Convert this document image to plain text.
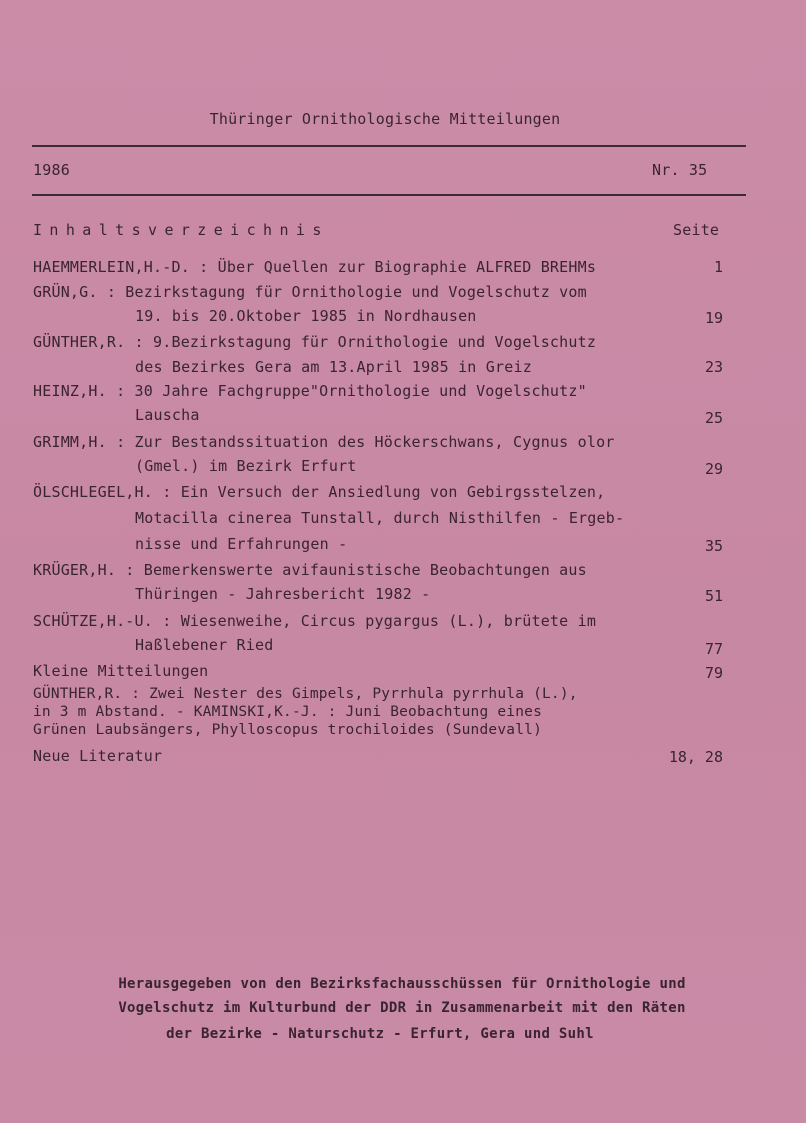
Thüringer Ornithologische Mitteilungen
1986	Nr. 35
Inhaltsverzeichnis	Seite
HAEMMERLEIN,H.-D. : Über Quellen zur Biographie ALFRED BREHMs	1
GRÜN,G. : Bezirkstagung für Ornithologie und Vogelschutz vom
19. bis 20.Oktober 1985 in Nordhausen	19
GÜNTHER,R. : 9.Bezirkstagung für Ornithologie und Vogelschutz
des Bezirkes Gera am 13.April 1985 in Greiz	23
HEINZ,H. : 30 Jahre Fachgruppe"Ornithologie und Vogelschutz"
Lauscha	25
GRIMM,H. : Zur Bestandssituation des Höckerschwans, Cygnus olor
(Gmel.) im Bezirk Erfurt	29
ÖLSCHLEGEL,H. : Ein Versuch der Ansiedlung von Gebirgsstelzen,
Motacilla cinerea Tunstall, durch Nisthilfen - Ergeb-
nisse und Erfahrungen -	35
KRÜGER,H. : Bemerkenswerte avifaunistische Beobachtungen aus
Thüringen - Jahresbericht 1982 -	51
SCHÜTZE,H.-U. : Wiesenweihe, Circus pygargus (L.), brütete im
Haßlebener Ried	77
Kleine Mitteilungen	79
GÜNTHER,R. : Zwei Nester des Gimpels, Pyrrhula pyrrhula (L.),
in 3 m Abstand. - KAMINSKI,K.-J. : Juni Beobachtung eines
Grünen Laubsängers, Phylloscopus trochiloides (Sundevall)
Neue Literatur	18, 28
Herausgegeben von den Bezirksfachausschüssen für Ornithologie und
Vogelschutz im Kulturbund der DDR in Zusammenarbeit mit den Räten
der Bezirke - Naturschutz - Erfurt, Gera und Suhl
